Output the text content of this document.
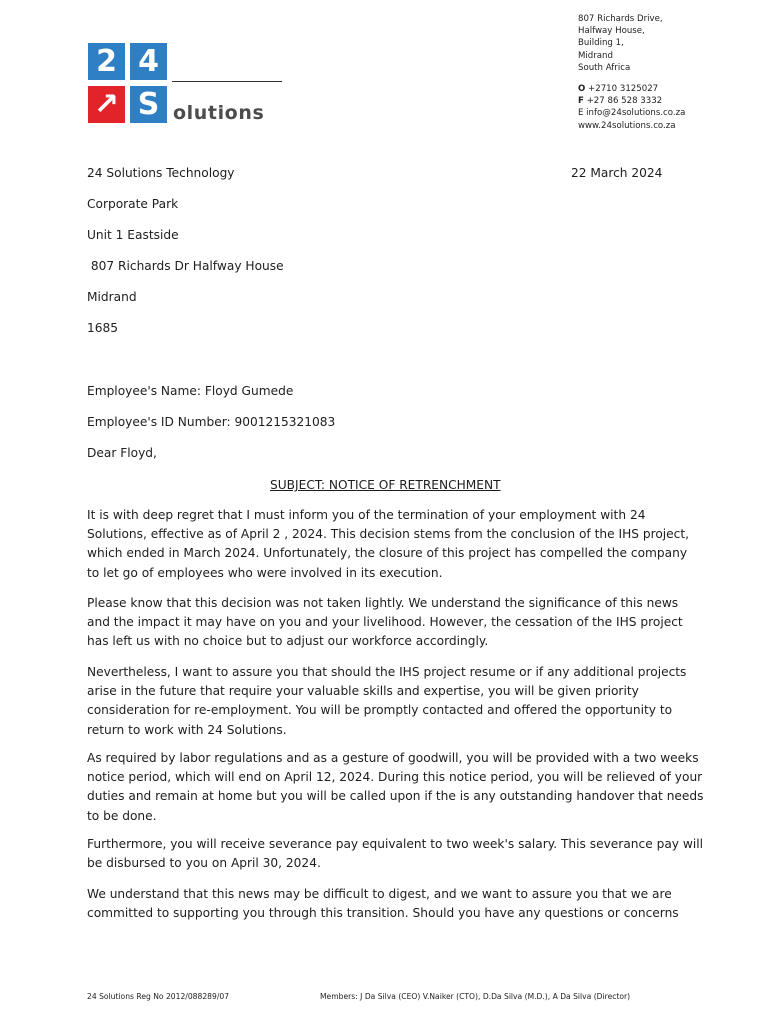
2 4
↗ S olutions
807 Richards Drive,
Halfway House,
Building 1,
Midrand
South Africa
O +2710 3125027
F +27 86 528 3332
E info@24solutions.co.za
www.24solutions.co.za
22 March 2024
24 Solutions Technology
Corporate Park
Unit 1 Eastside
807 Richards Dr Halfway House
Midrand
1685
Employee's Name: Floyd Gumede
Employee's ID Number: 9001215321083
Dear Floyd,
SUBJECT: NOTICE OF RETRENCHMENT
It is with deep regret that I must inform you of the termination of your employment with 24
Solutions, effective as of April 2 , 2024. This decision stems from the conclusion of the IHS project,
which ended in March 2024. Unfortunately, the closure of this project has compelled the company
to let go of employees who were involved in its execution.
Please know that this decision was not taken lightly. We understand the significance of this news
and the impact it may have on you and your livelihood. However, the cessation of the IHS project
has left us with no choice but to adjust our workforce accordingly.
Nevertheless, I want to assure you that should the IHS project resume or if any additional projects
arise in the future that require your valuable skills and expertise, you will be given priority
consideration for re-employment. You will be promptly contacted and offered the opportunity to
return to work with 24 Solutions.
As required by labor regulations and as a gesture of goodwill, you will be provided with a two weeks
notice period, which will end on April 12, 2024. During this notice period, you will be relieved of your
duties and remain at home but you will be called upon if the is any outstanding handover that needs
to be done.
Furthermore, you will receive severance pay equivalent to two week's salary. This severance pay will
be disbursed to you on April 30, 2024.
We understand that this news may be difficult to digest, and we want to assure you that we are
committed to supporting you through this transition. Should you have any questions or concerns
24 Solutions Reg No 2012/088289/07	Members: J Da Silva (CEO) V.Naiker (CTO), D.Da Silva (M.D.), A Da Silva (Director)
